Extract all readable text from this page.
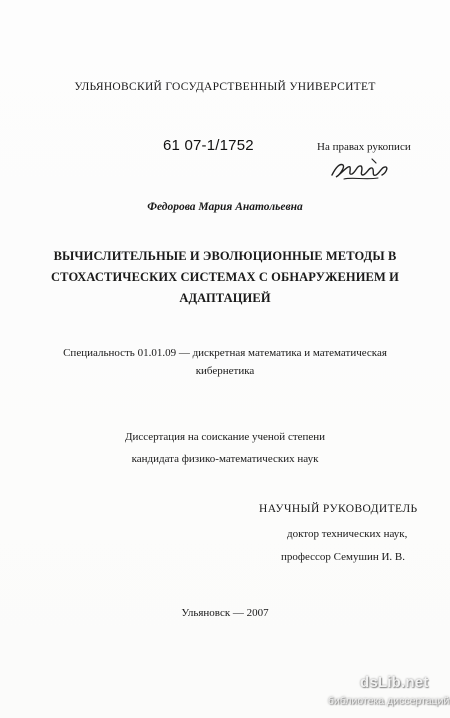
УЛЬЯНОВСКИЙ ГОСУДАРСТВЕННЫЙ УНИВЕРСИТЕТ
61 07-1/1752	На правах рукописи
Федорова Мария Анатольевна
ВЫЧИСЛИТЕЛЬНЫЕ И ЭВОЛЮЦИОННЫЕ МЕТОДЫ В
СТОХАСТИЧЕСКИХ СИСТЕМАХ С ОБНАРУЖЕНИЕМ И
АДАПТАЦИЕЙ
Специальность 01.01.09 — дискретная математика и математическая
кибернетика
Диссертация на соискание ученой степени
кандидата физико-математических наук
НАУЧНЫЙ РУКОВОДИТЕЛЬ
доктор технических наук,
профессор Семушин И. В.
Ульяновск — 2007
dsLib.net
библиотека диссертаций
